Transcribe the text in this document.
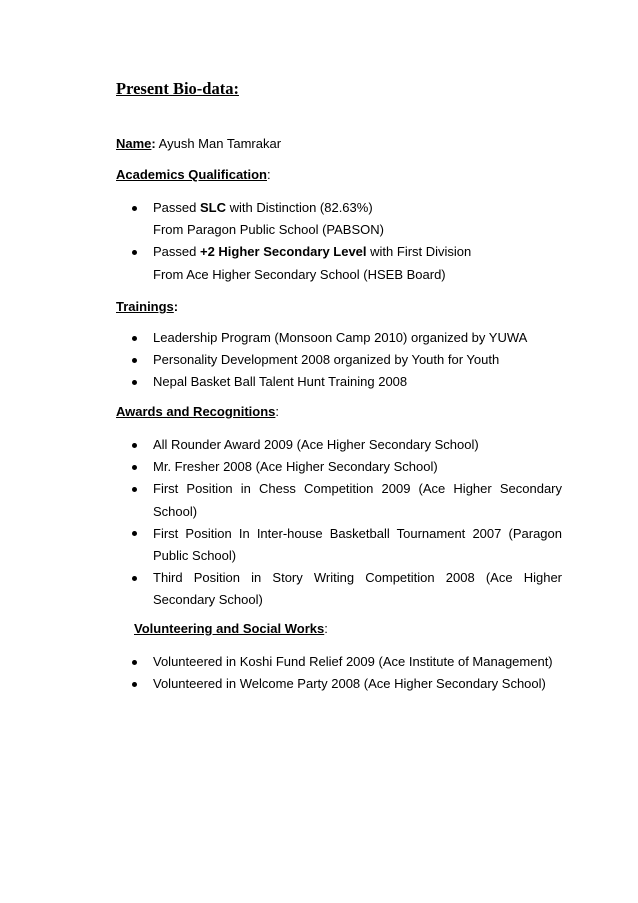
Present Bio-data:

Name: Ayush Man Tamrakar

Academics Qualification:

Passed SLC with Distinction (82.63%)
From Paragon Public School (PABSON)
Passed +2 Higher Secondary Level with First Division
From Ace Higher Secondary School (HSEB Board)

Trainings:

Leadership Program (Monsoon Camp 2010) organized by YUWA
Personality Development 2008 organized by Youth for Youth
Nepal Basket Ball Talent Hunt Training 2008

Awards and Recognitions:

All Rounder Award 2009 (Ace Higher Secondary School)
Mr. Fresher 2008 (Ace Higher Secondary School)
First Position in Chess Competition 2009 (Ace Higher Secondary School)
First Position In Inter-house Basketball Tournament 2007 (Paragon Public School)
Third Position in Story Writing Competition 2008 (Ace Higher Secondary School)

Volunteering and Social Works:

Volunteered in Koshi Fund Relief 2009 (Ace Institute of Management)
Volunteered in Welcome Party 2008 (Ace Higher Secondary School)
